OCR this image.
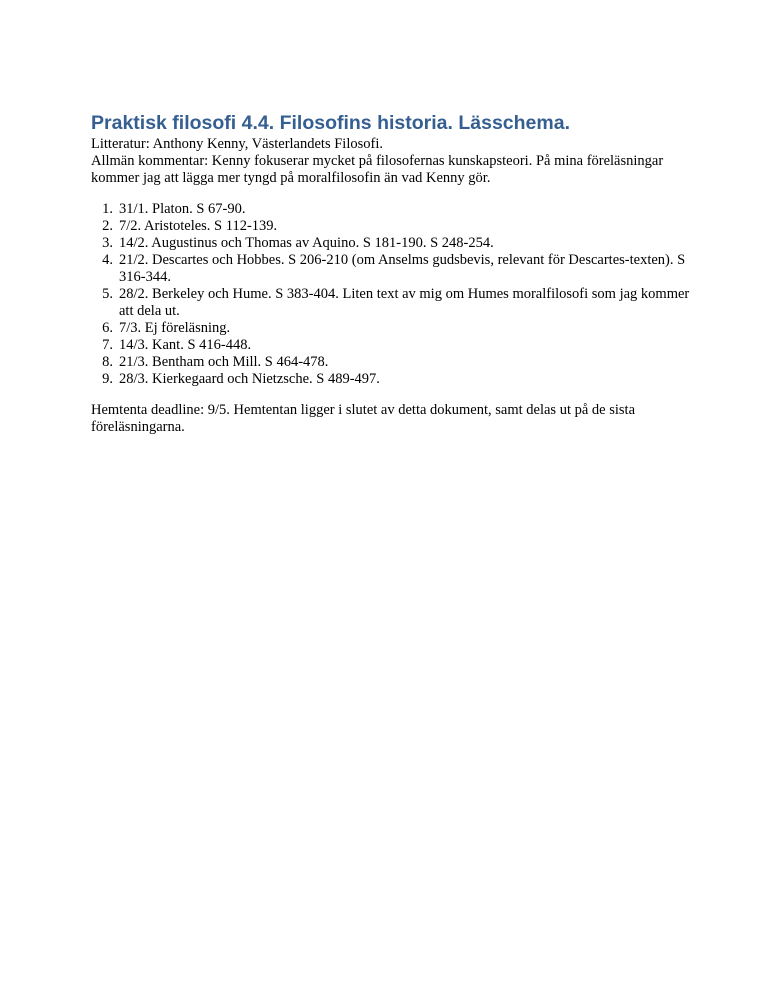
Praktisk filosofi 4.4. Filosofins historia. Lässchema.

Litteratur: Anthony Kenny, Västerlandets Filosofi.

Allmän kommentar: Kenny fokuserar mycket på filosofernas kunskapsteori. På mina föreläsningar kommer jag att lägga mer tyngd på moralfilosofin än vad Kenny gör.

1. 31/1. Platon. S 67-90.
2. 7/2. Aristoteles. S 112-139.
3. 14/2. Augustinus och Thomas av Aquino. S 181-190. S 248-254.
4. 21/2. Descartes och Hobbes. S 206-210 (om Anselms gudsbevis, relevant för Descartes-texten). S 316-344.
5. 28/2. Berkeley och Hume. S 383-404. Liten text av mig om Humes moralfilosofi som jag kommer att dela ut.
6. 7/3. Ej föreläsning.
7. 14/3. Kant. S 416-448.
8. 21/3. Bentham och Mill. S 464-478.
9. 28/3. Kierkegaard och Nietzsche. S 489-497.

Hemtenta deadline: 9/5. Hemtentan ligger i slutet av detta dokument, samt delas ut på de sista föreläsningarna.
